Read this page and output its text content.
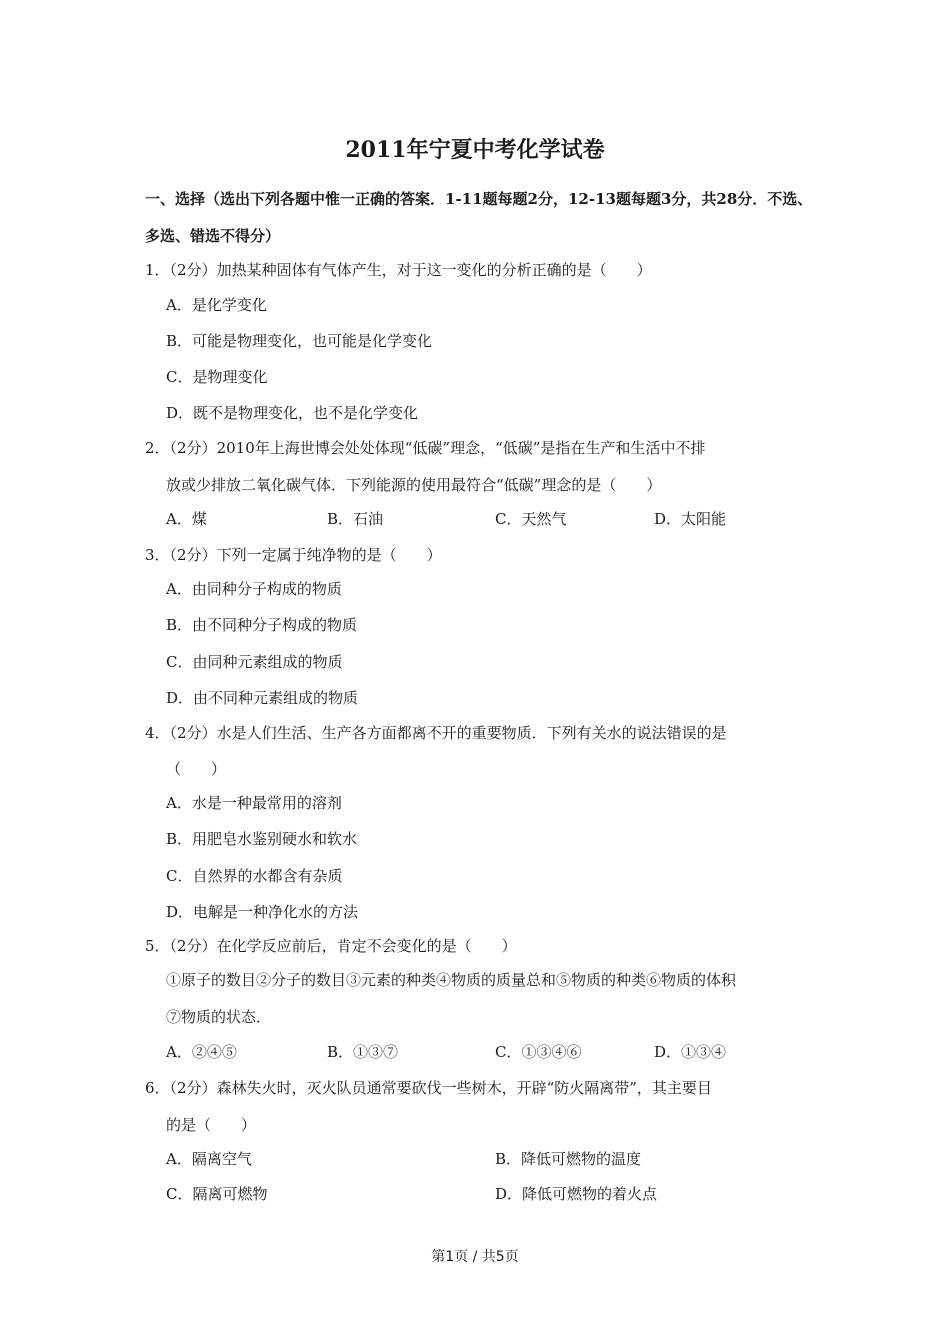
2011年宁夏中考化学试卷
一、选择（选出下列各题中惟一正确的答案．1-11题每题2分，12-13题每题3分，共28分．不选、多选、错选不得分）
1．（2分）加热某种固体有气体产生，对于这一变化的分析正确的是（　　）
A．是化学变化
B．可能是物理变化，也可能是化学变化
C．是物理变化
D．既不是物理变化，也不是化学变化
2．（2分）2010年上海世博会处处体现“低碳”理念，“低碳”是指在生产和生活中不排
放或少排放二氧化碳气体．下列能源的使用最符合“低碳”理念的是（　　）
A．煤	B．石油	C．天然气	D．太阳能
3．（2分）下列一定属于纯净物的是（　　）
A．由同种分子构成的物质
B．由不同种分子构成的物质
C．由同种元素组成的物质
D．由不同种元素组成的物质
4．（2分）水是人们生活、生产各方面都离不开的重要物质．下列有关水的说法错误的是
（　　）
A．水是一种最常用的溶剂
B．用肥皂水鉴别硬水和软水
C．自然界的水都含有杂质
D．电解是一种净化水的方法
5．（2分）在化学反应前后，肯定不会变化的是（　　）
①原子的数目②分子的数目③元素的种类④物质的质量总和⑤物质的种类⑥物质的体积
⑦物质的状态．
A．②④⑤	B．①③⑦	C．①③④⑥	D．①③④
6．（2分）森林失火时，灭火队员通常要砍伐一些树木，开辟“防火隔离带”，其主要目
的是（　　）
A．隔离空气	B．降低可燃物的温度
C．隔离可燃物	D．降低可燃物的着火点
第1页 / 共5页
